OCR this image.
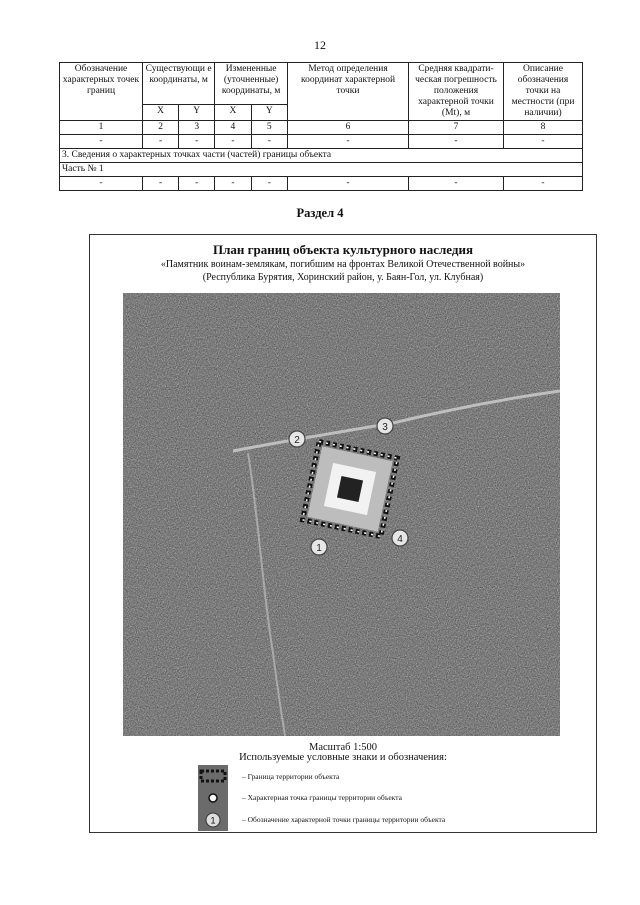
12
Обозначение характерных точек границ	Существующи е координаты, м		Измененные (уточненные) координаты, м		Метод определения координат характерной точки	Средняя квадрати-ческая погрешность положения характерной точки (Mt), м	Описание обозначения точки на местности (при наличии)
	X	Y	X	Y			
1	2	3	4	5	6	7	8
-	-	-	-	-	-	-	-
3. Сведения о характерных точках части (частей) границы объекта							
Часть № 1							
-	-	-	-	-	-	-	-
Раздел 4
План границ объекта культурного наследия
«Памятник воинам-землякам, погибшим на фронтах Великой Отечественной войны»
(Республика Бурятия, Хоринский район, у. Баян-Гол, ул. Клубная)
1
2
3
4
Масштаб 1:500
Используемые условные знаки и обозначения:
– Граница территории объекта
– Характерная точка границы территории объекта
1	– Обозначение характерной точки границы территории объекта
